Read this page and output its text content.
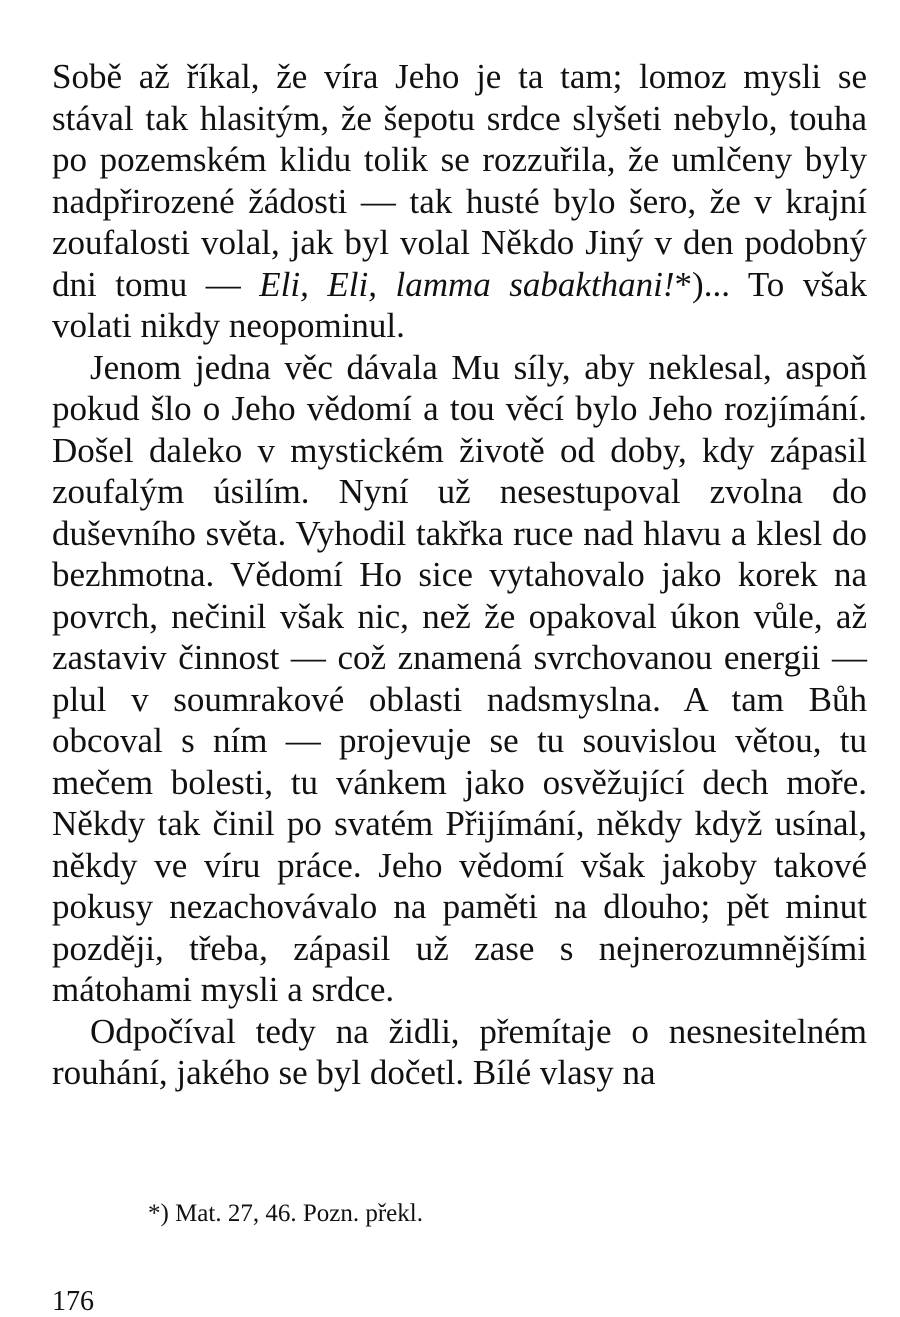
Sobě až říkal, že víra Jeho je ta tam; lomoz mysli se stával tak hlasitým, že šepotu srdce slyšeti nebylo, touha po pozemském klidu tolik se rozzuřila, že umlčeny byly nadpřirozené žádosti — tak husté bylo šero, že v krajní zoufalosti volal, jak byl volal Někdo Jiný v den podobný dni tomu — Eli, Eli, lamma sabakthani!*)... To však volati nikdy neopominul.

Jenom jedna věc dávala Mu síly, aby neklesal, aspoň pokud šlo o Jeho vědomí a tou věcí bylo Jeho rozjímání. Došel daleko v mystickém životě od doby, kdy zápasil zoufalým úsilím. Nyní už nesestupoval zvolna do duševního světa. Vyhodil takřka ruce nad hlavu a klesl do bezhmotna. Vědomí Ho sice vytahovalo jako korek na povrch, nečinil však nic, než že opakoval úkon vůle, až zastaviv činnost — což znamená svrchovanou energii — plul v soumrakové oblasti nadsmyslna. A tam Bůh obcoval s ním — projevuje se tu souvislou větou, tu mečem bolesti, tu vánkem jako osvěžující dech moře. Někdy tak činil po svatém Přijímání, někdy když usínal, někdy ve víru práce. Jeho vědomí však jakoby takové pokusy nezachovávalo na paměti na dlouho; pět minut později, třeba, zápasil už zase s nejnerozumnějšími mátohami mysli a srdce.

Odpočíval tedy na židli, přemítaje o nesnesitelném rouhání, jakého se byl dočetl. Bílé vlasy na

*) Mat. 27, 46. Pozn. překl.
176
